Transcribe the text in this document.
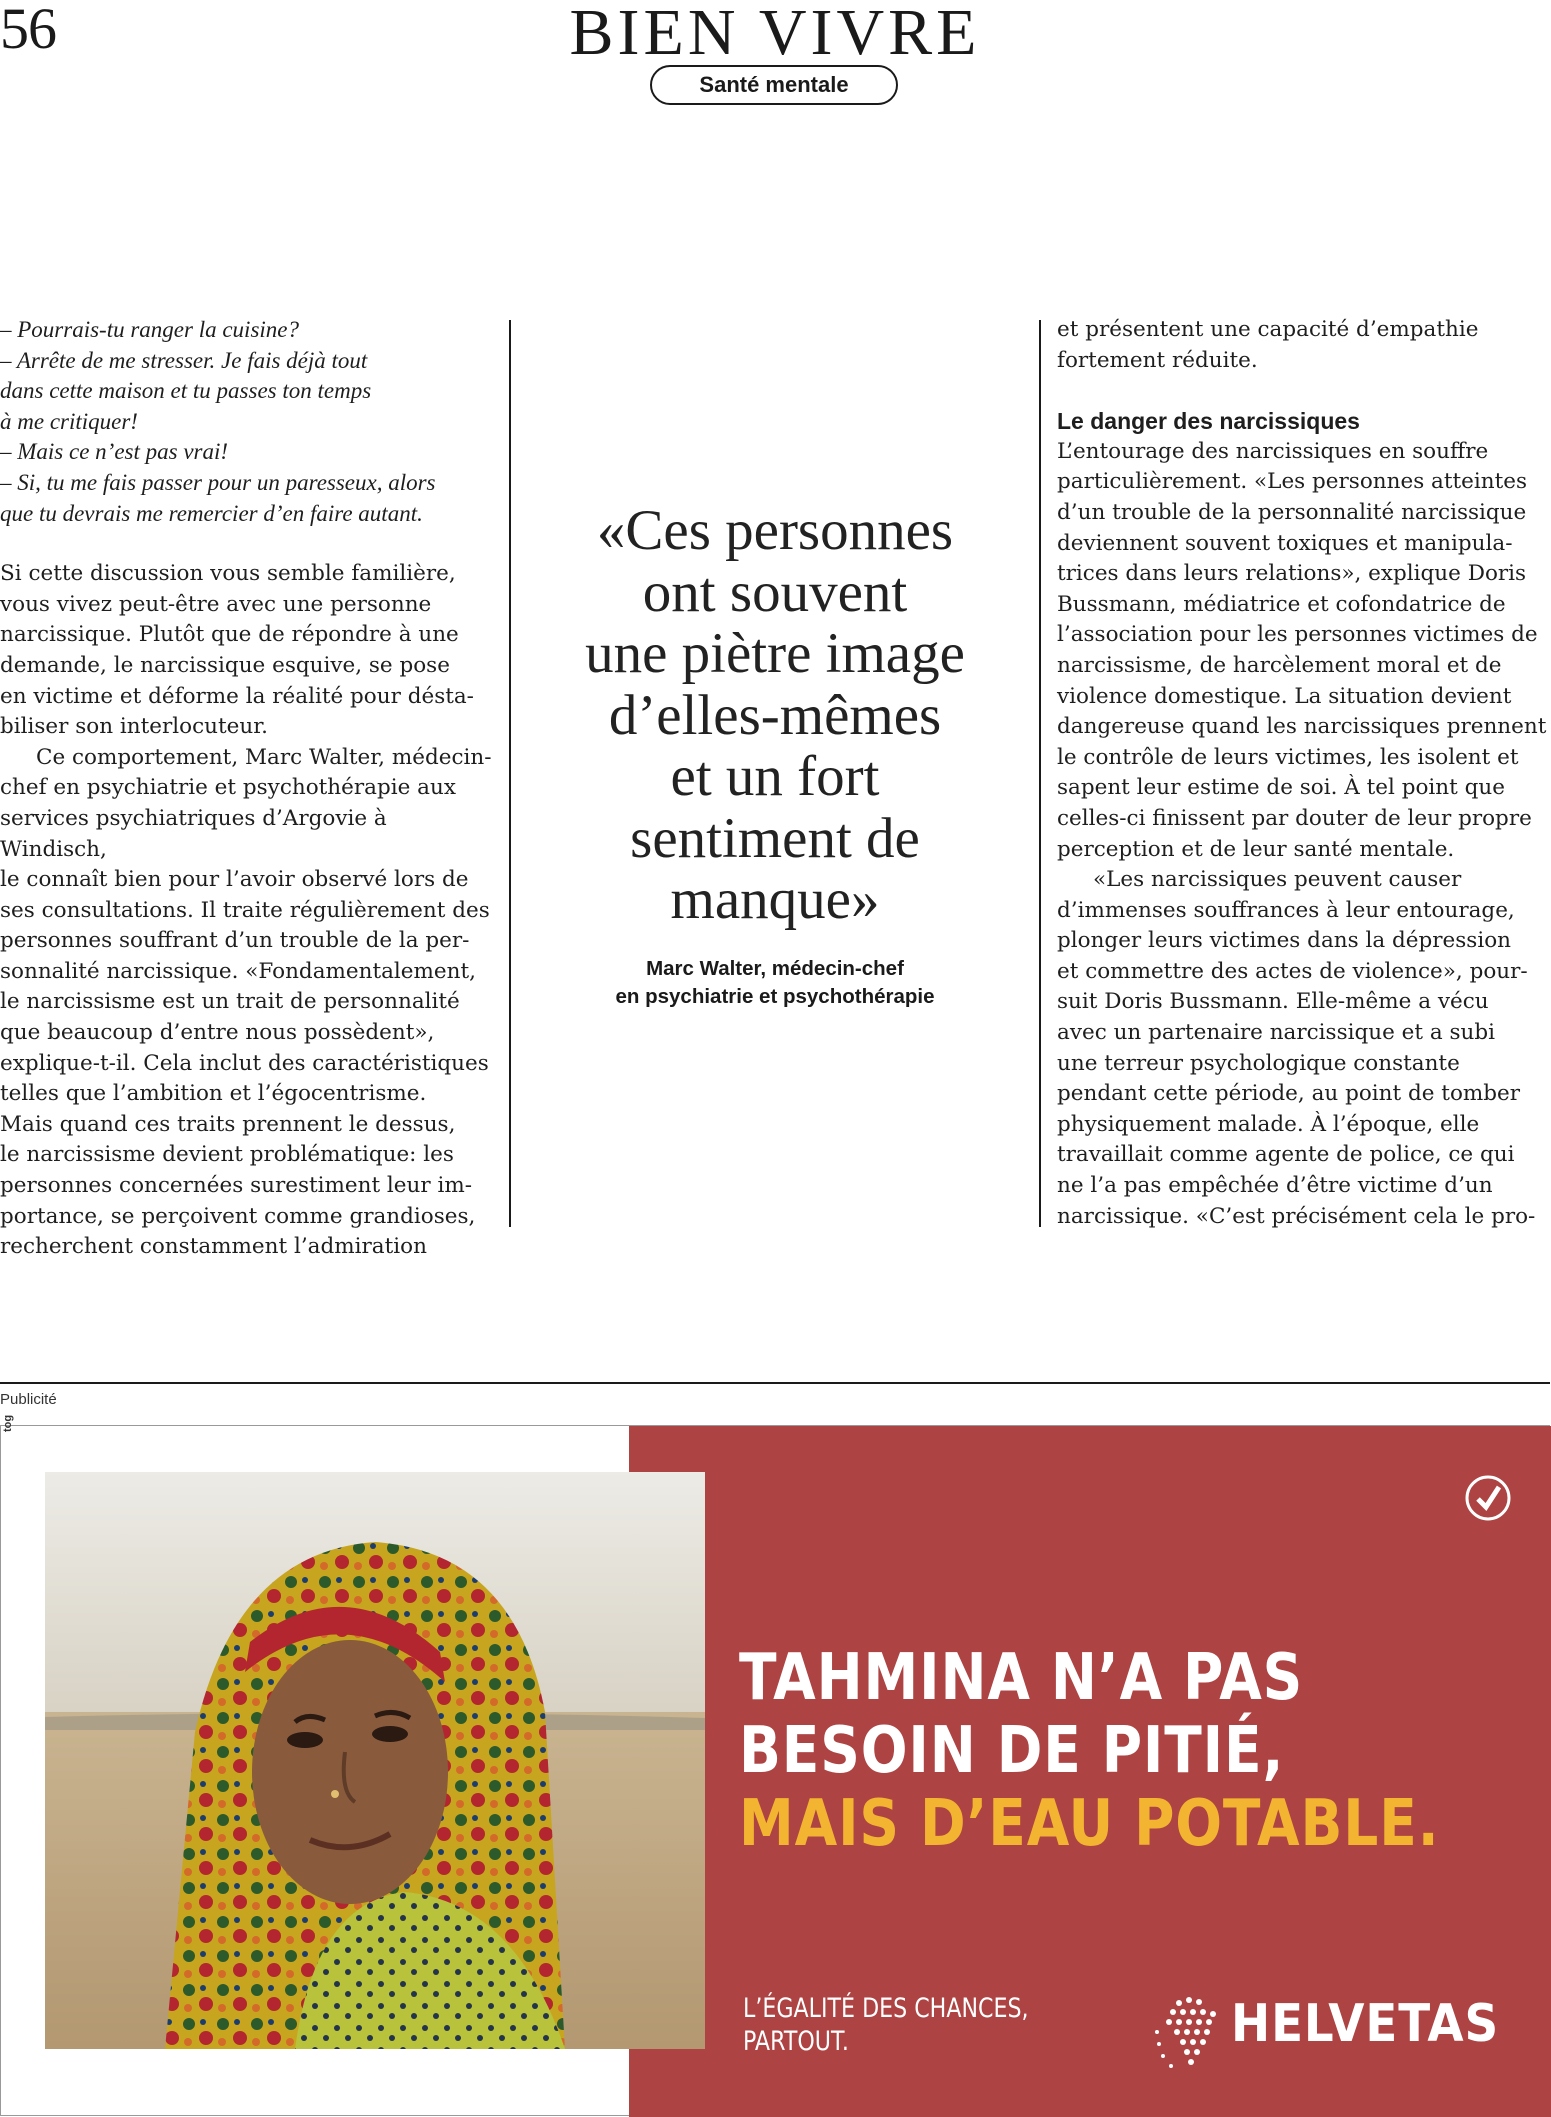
56	BIEN VIVRE
Santé mentale

– Pourrais-tu ranger la cuisine?

– Arrête de me stresser. Je fais déjà tout

dans cette maison et tu passes ton temps

à me critiquer!

– Mais ce n’est pas vrai!

– Si, tu me fais passer pour un paresseux, alors

que tu devrais me remercier d’en faire autant.

Si cette discussion vous semble familière,

vous vivez peut-être avec une personne

narcissique. Plutôt que de répondre à une

demande, le narcissique esquive, se pose

en victime et déforme la réalité pour désta-

biliser son interlocuteur.

Ce comportement, Marc Walter, médecin-

chef en psychiatrie et psychothérapie aux

services psychiatriques d’Argovie à Windisch,

le connaît bien pour l’avoir observé lors de

ses consultations. Il traite régulièrement des

personnes souffrant d’un trouble de la per-

sonnalité narcissique. «Fondamentalement,

le narcissisme est un trait de personnalité

que beaucoup d’entre nous possèdent»,

explique-t-il. Cela inclut des caractéristiques

telles que l’ambition et l’égocentrisme.

Mais quand ces traits prennent le dessus,

le narcissisme devient problématique: les

personnes concernées surestiment leur im-

portance, se perçoivent comme grandioses,

recherchent constamment l’admiration

«Ces personnes
ont souvent
une piètre image
d’elles-mêmes
et un fort
sentiment de
manque»
Marc Walter, médecin-chef
en psychiatrie et psychothérapie

et présentent une capacité d’empathie

fortement réduite.

Le danger des narcissiques

L’entourage des narcissiques en souffre

particulièrement. «Les personnes atteintes

d’un trouble de la personnalité narcissique

deviennent souvent toxiques et manipula-

trices dans leurs relations», explique Doris

Bussmann, médiatrice et cofondatrice de

l’association pour les personnes victimes de

narcissisme, de harcèlement moral et de

violence domestique. La situation devient

dangereuse quand les narcissiques prennent

le contrôle de leurs victimes, les isolent et

sapent leur estime de soi. À tel point que

celles-ci finissent par douter de leur propre

perception et de leur santé mentale.

«Les narcissiques peuvent causer

d’immenses souffrances à leur entourage,

plonger leurs victimes dans la dépression

et commettre des actes de violence», pour-

suit Doris Bussmann. Elle-même a vécu

avec un partenaire narcissique et a subi

une terreur psychologique constante

pendant cette période, au point de tomber

physiquement malade. À l’époque, elle

travaillait comme agente de police, ce qui

ne l’a pas empêchée d’être victime d’un

narcissique. «C’est précisément cela le pro-

Publicité
tog
Tahmina Khatun, 30 ans, Bangladesh
TAHMINA N’A PAS
BESOIN DE PITIÉ,
MAIS D’EAU POTABLE.
L’ÉGALITÉ DES CHANCES,
PARTOUT.	HELVETAS
